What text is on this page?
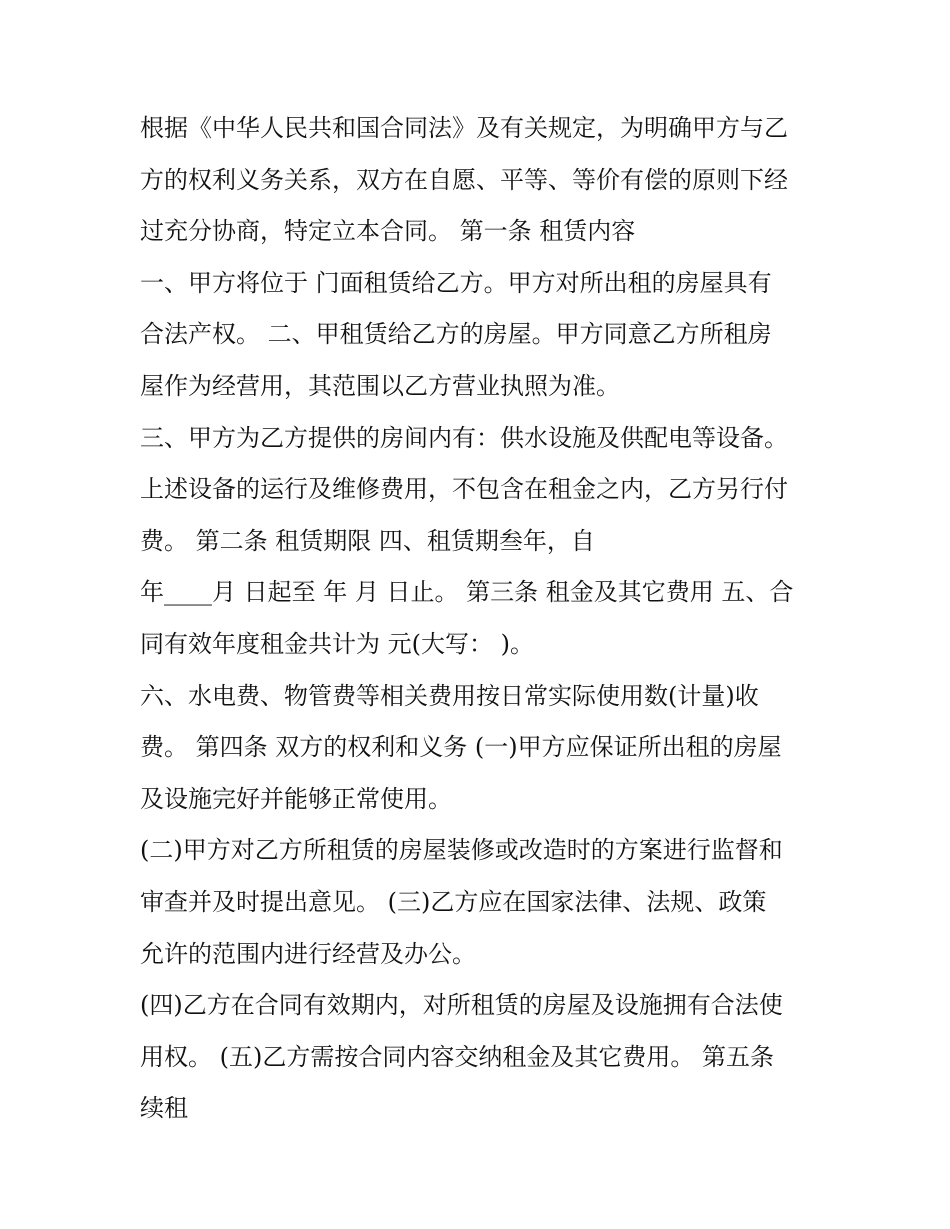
根据《中华人民共和国合同法》及有关规定，为明确甲方与乙
方的权利义务关系，双方在自愿、平等、等价有偿的原则下经
过充分协商，特定立本合同。 第一条 租赁内容
一、甲方将位于 门面租赁给乙方。甲方对所出租的房屋具有
合法产权。 二、甲租赁给乙方的房屋。甲方同意乙方所租房
屋作为经营用，其范围以乙方营业执照为准。
三、甲方为乙方提供的房间内有：供水设施及供配电等设备。
上述设备的运行及维修费用，不包含在租金之内，乙方另行付
费。 第二条 租赁期限 四、租赁期叁年，自
年____月 日起至 年 月 日止。 第三条 租金及其它费用 五、合
同有效年度租金共计为 元(大写： )。
六、水电费、物管费等相关费用按日常实际使用数(计量)收
费。 第四条 双方的权利和义务 (一)甲方应保证所出租的房屋
及设施完好并能够正常使用。
(二)甲方对乙方所租赁的房屋装修或改造时的方案进行监督和
审查并及时提出意见。 (三)乙方应在国家法律、法规、政策
允许的范围内进行经营及办公。
(四)乙方在合同有效期内，对所租赁的房屋及设施拥有合法使
用权。 (五)乙方需按合同内容交纳租金及其它费用。 第五条
续租
